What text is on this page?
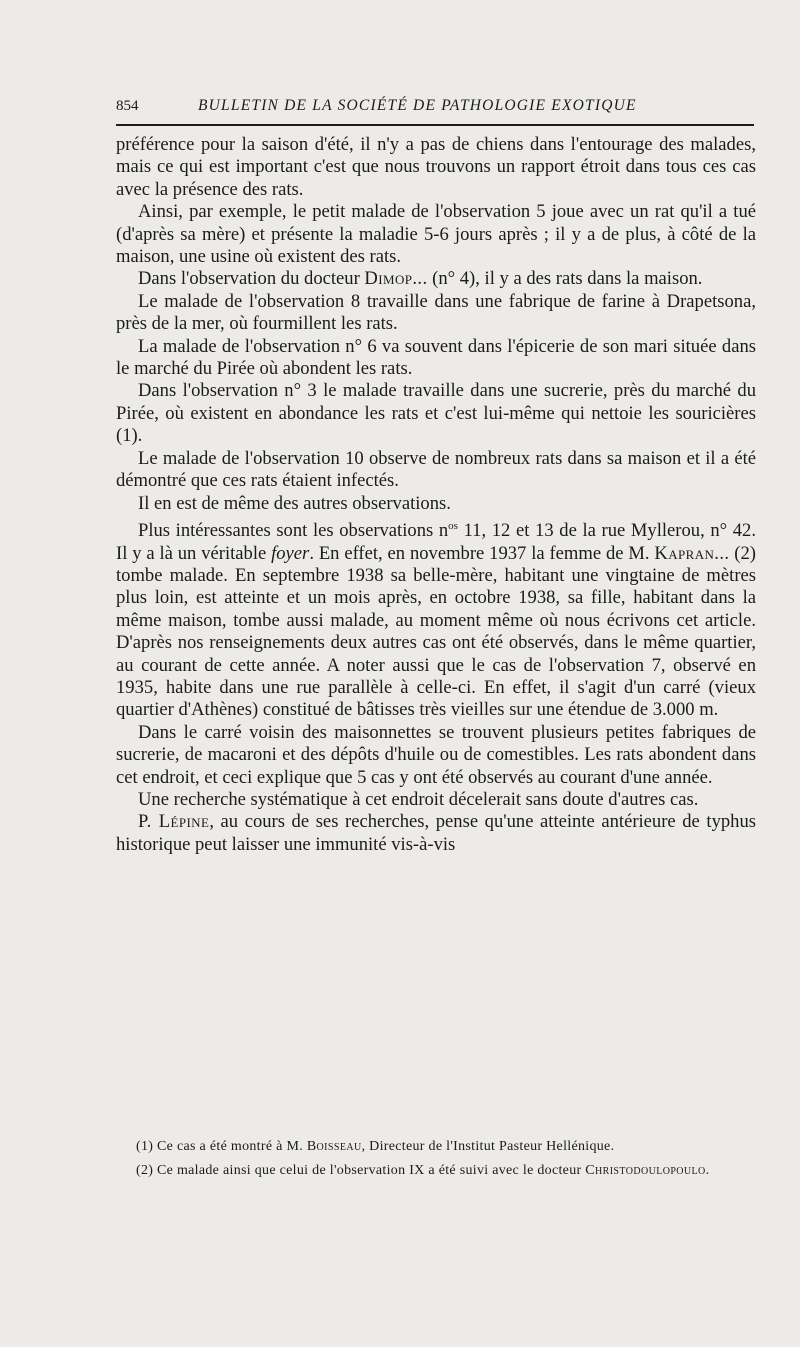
854	BULLETIN DE LA SOCIÉTÉ DE PATHOLOGIE EXOTIQUE

préférence pour la saison d'été, il n'y a pas de chiens dans l'entourage des malades, mais ce qui est important c'est que nous trouvons un rapport étroit dans tous ces cas avec la présence des rats.

Ainsi, par exemple, le petit malade de l'observation 5 joue avec un rat qu'il a tué (d'après sa mère) et présente la maladie 5-6 jours après ; il y a de plus, à côté de la maison, une usine où existent des rats.

Dans l'observation du docteur Dimop... (n° 4), il y a des rats dans la maison.

Le malade de l'observation 8 travaille dans une fabrique de farine à Drapetsona, près de la mer, où fourmillent les rats.

La malade de l'observation n° 6 va souvent dans l'épicerie de son mari située dans le marché du Pirée où abondent les rats.

Dans l'observation n° 3 le malade travaille dans une sucrerie, près du marché du Pirée, où existent en abondance les rats et c'est lui-même qui nettoie les souricières (1).

Le malade de l'observation 10 observe de nombreux rats dans sa maison et il a été démontré que ces rats étaient infectés.

Il en est de même des autres observations.

Plus intéressantes sont les observations $n^{os}$ 11, 12 et 13 de la rue Myllerou, n° 42. Il y a là un véritable foyer. En effet, en novembre 1937 la femme de M. Kapran... (2) tombe malade. En septembre 1938 sa belle-mère, habitant une vingtaine de mètres plus loin, est atteinte et un mois après, en octobre 1938, sa fille, habitant dans la même maison, tombe aussi malade, au moment même où nous écrivons cet article. D'après nos renseignements deux autres cas ont été observés, dans le même quartier, au courant de cette année. A noter aussi que le cas de l'observation 7, observé en 1935, habite dans une rue parallèle à celle-ci. En effet, il s'agit d'un carré (vieux quartier d'Athènes) constitué de bâtisses très vieilles sur une étendue de 3.000 m.

Dans le carré voisin des maisonnettes se trouvent plusieurs petites fabriques de sucrerie, de macaroni et des dépôts d'huile ou de comestibles. Les rats abondent dans cet endroit, et ceci explique que 5 cas y ont été observés au courant d'une année.

Une recherche systématique à cet endroit décelerait sans doute d'autres cas.

P. Lépine, au cours de ses recherches, pense qu'une atteinte antérieure de typhus historique peut laisser une immunité vis-à-vis

(1) Ce cas a été montré à M. Boisseau, Directeur de l'Institut Pasteur Hellénique.

(2) Ce malade ainsi que celui de l'observation IX a été suivi avec le docteur Christodoulopoulo.
